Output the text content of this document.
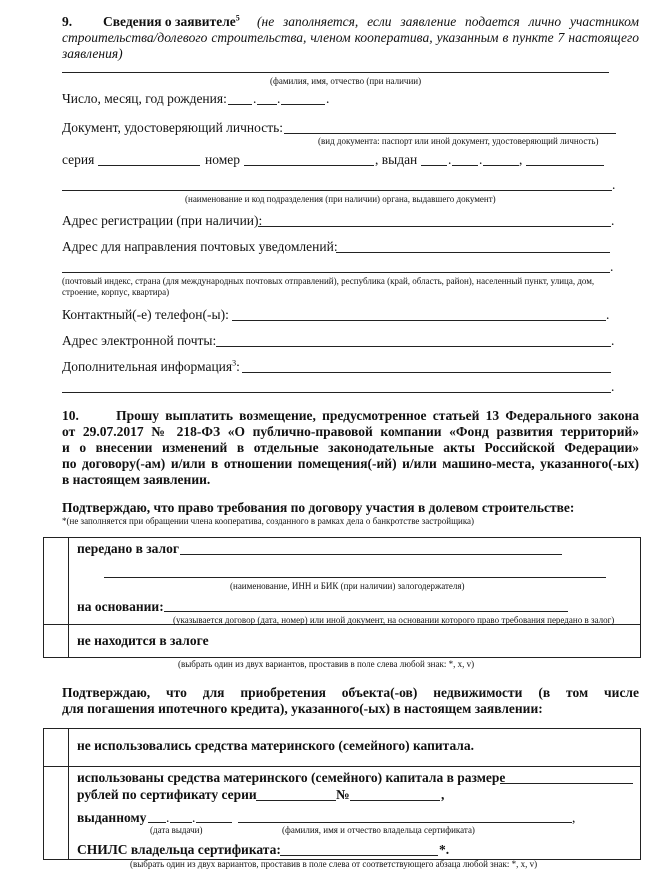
9. Сведения о заявителе$^5$ (не заполняется, если заявление подается лично участником
строительства/долевого строительства, членом кооператива, указанным в пункте 7 настоящего
заявления)
(фамилия, имя, отчество (при наличии)
Число, месяц, год рождения: . .	.
Документ, удостоверяющий личность:
(вид документа: паспорт или иной документ, удостоверяющий личность)
серия	номер	, выдан . .	,
.
(наименование и код подразделения (при наличии) органа, выдавшего документ)
Адрес регистрации (при наличии):	.
Адрес для направления почтовых уведомлений:
.
(почтовый индекс, страна (для международных почтовых отправлений), республика (край, область, район), населенный пункт, улица, дом,
строение, корпус, квартира)
Контактный(-е) телефон(-ы):	.
Адрес электронной почты:	.
Дополнительная информация$^3$:
.
10.      Прошу выплатить возмещение, предусмотренное статьей 13 Федерального закона
от 29.07.2017 № 218-ФЗ «О публично-правовой компании «Фонд развития территорий»
и о внесении изменений в отдельные законодательные акты Российской Федерации»
по договору(-ам) и/или в отношении помещения(-ий) и/или машино-места, указанного(-ых)
в настоящем заявлении.
Подтверждаю, что право требования по договору участия в долевом строительстве:
*(не заполняется при обращении члена кооператива, созданного в рамках дела о банкротстве застройщика)
передано в залог
(наименование, ИНН и БИК (при наличии) залогодержателя)
на основании:
(указывается договор (дата, номер) или иной документ, на основании которого право требования передано в залог)
не находится в залоге
(выбрать один из двух вариантов, проставив в поле слева любой знак: *, x, v)
Подтверждаю, что для приобретения объекта(-ов) недвижимости (в том числе
для погашения ипотечного кредита), указанного(-ых) в настоящем заявлении:
не использовались средства материнского (семейного) капитала.
использованы средства материнского (семейного) капитала в размере
рублей по сертификату серии	№	,
выданному . .	,
(дата выдачи)	(фамилия, имя и отчество владельца сертификата)
СНИЛС владельца сертификата:	*.
(выбрать один из двух вариантов, проставив в поле слева от соответствующего абзаца любой знак: *, x, v)
